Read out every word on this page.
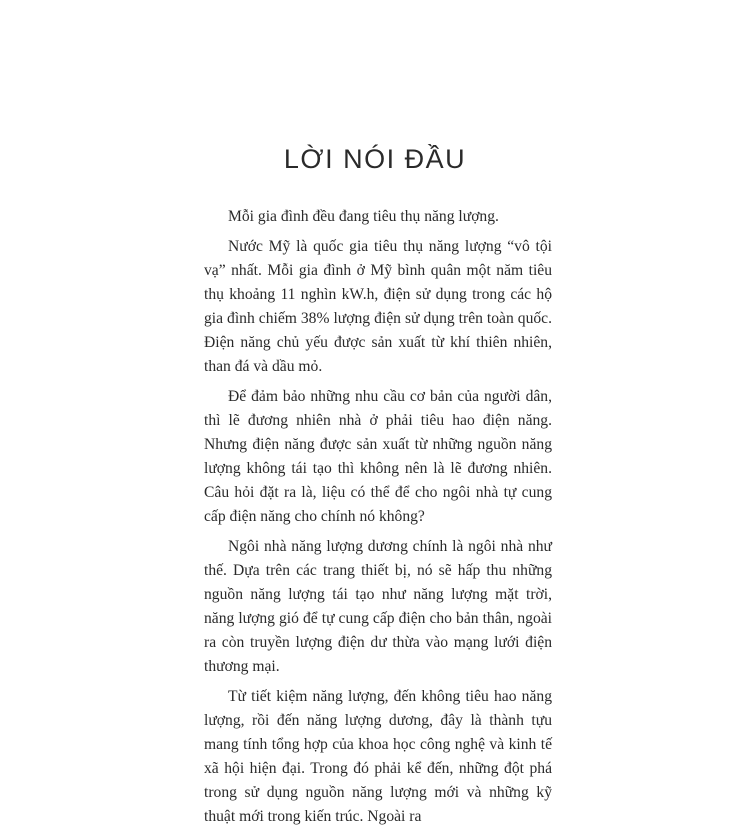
LỜI NÓI ĐẦU

Mỗi gia đình đều đang tiêu thụ năng lượng.

Nước Mỹ là quốc gia tiêu thụ năng lượng “vô tội vạ” nhất. Mỗi gia đình ở Mỹ bình quân một năm tiêu thụ khoảng 11 nghìn kW.h, điện sử dụng trong các hộ gia đình chiếm 38% lượng điện sử dụng trên toàn quốc. Điện năng chủ yếu được sản xuất từ khí thiên nhiên, than đá và dầu mỏ.

Để đảm bảo những nhu cầu cơ bản của người dân, thì lẽ đương nhiên nhà ở phải tiêu hao điện năng. Nhưng điện năng được sản xuất từ những nguồn năng lượng không tái tạo thì không nên là lẽ đương nhiên. Câu hỏi đặt ra là, liệu có thể để cho ngôi nhà tự cung cấp điện năng cho chính nó không?

Ngôi nhà năng lượng dương chính là ngôi nhà như thế. Dựa trên các trang thiết bị, nó sẽ hấp thu những nguồn năng lượng tái tạo như năng lượng mặt trời, năng lượng gió để tự cung cấp điện cho bản thân, ngoài ra còn truyền lượng điện dư thừa vào mạng lưới điện thương mại.

Từ tiết kiệm năng lượng, đến không tiêu hao năng lượng, rồi đến năng lượng dương, đây là thành tựu mang tính tổng hợp của khoa học công nghệ và kinh tế xã hội hiện đại. Trong đó phải kể đến, những đột phá trong sử dụng nguồn năng lượng mới và những kỹ thuật mới trong kiến trúc. Ngoài ra
